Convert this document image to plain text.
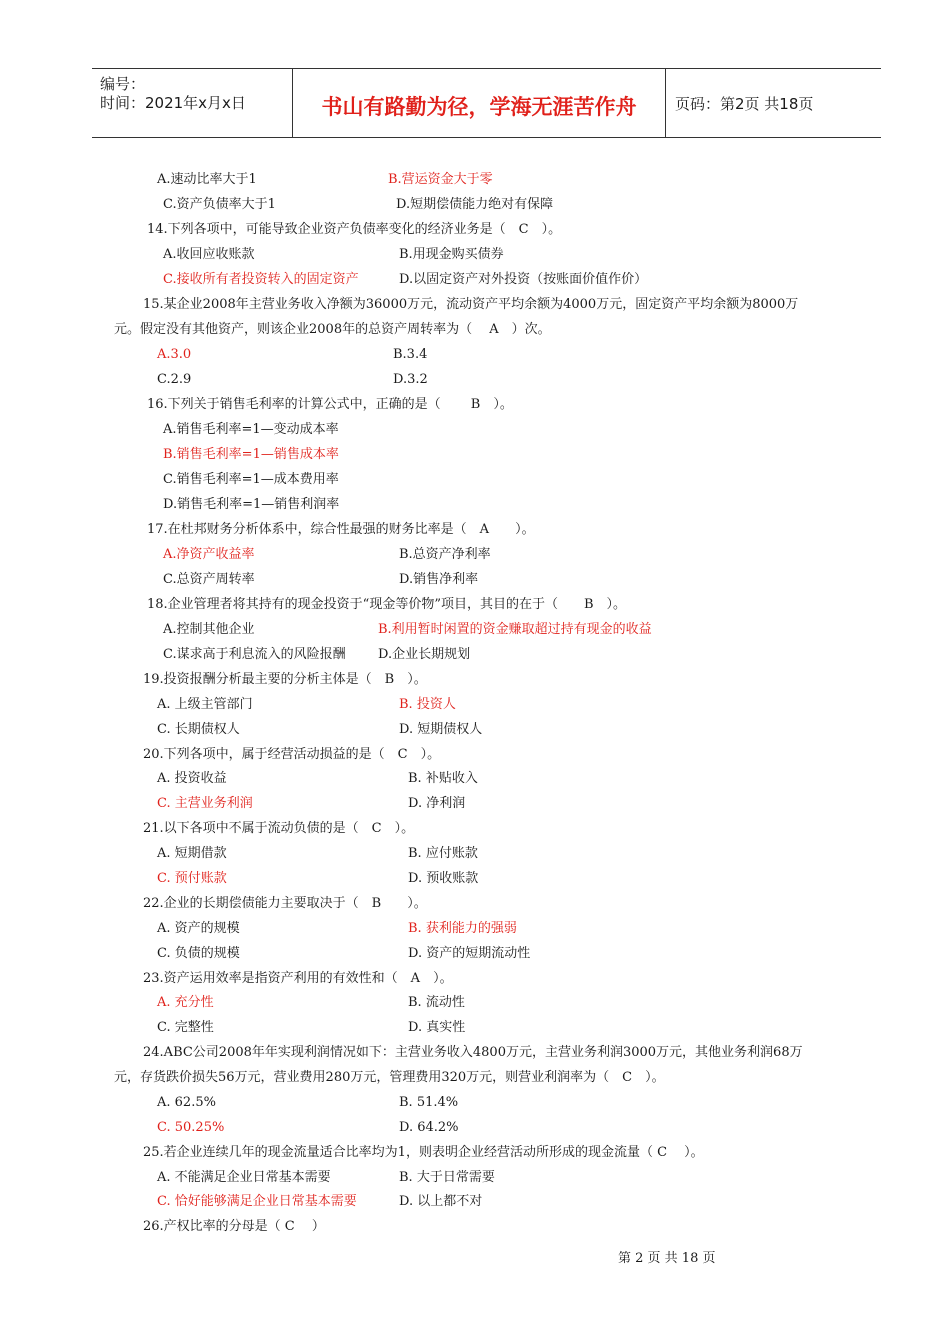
编号：
时间：2021年x月x日	书山有路勤为径，学海无涯苦作舟	页码：第2页 共18页
A.速动比率大于1	B.营运资金大于零
C.资产负债率大于1	D.短期偿债能力绝对有保障
14.下列各项中，可能导致企业资产负债率变化的经济业务是（　C　）。
A.收回应收账款	B.用现金购买债券
C.接收所有者投资转入的固定资产	D.以固定资产对外投资（按账面价值作价）
15.某企业2008年主营业务收入净额为36000万元，流动资产平均余额为4000万元，固定资产平均余额为8000万
元。假定没有其他资产，则该企业2008年的总资产周转率为（　 A　）次。
A.3.0	B.3.4
C.2.9	D.3.2
16.下列关于销售毛利率的计算公式中，正确的是（　 　B　）。
A.销售毛利率=1—变动成本率
B.销售毛利率=1—销售成本率
C.销售毛利率=1—成本费用率
D.销售毛利率=1—销售利润率
17.在杜邦财务分析体系中，综合性最强的财务比率是（　A　　）。
A.净资产收益率	B.总资产净利率
C.总资产周转率	D.销售净利率
18.企业管理者将其持有的现金投资于“现金等价物”项目，其目的在于（　　B　）。
A.控制其他企业	B.利用暂时闲置的资金赚取超过持有现金的收益
C.谋求高于利息流入的风险报酬 D.企业长期规划
19.投资报酬分析最主要的分析主体是（　B　）。
A. 上级主管部门	B. 投资人
C. 长期债权人	D. 短期债权人
20.下列各项中，属于经营活动损益的是（　C　）。
A. 投资收益	B. 补贴收入
C. 主营业务利润	D. 净利润
21.以下各项中不属于流动负债的是（　C　）。
A. 短期借款	B. 应付账款
C. 预付账款	D. 预收账款
22.企业的长期偿债能力主要取决于（　B　　）。
A. 资产的规模	B. 获利能力的强弱
C. 负债的规模	D. 资产的短期流动性
23.资产运用效率是指资产利用的有效性和（　A　）。
A. 充分性	B. 流动性
C. 完整性	D. 真实性
24.ABC公司2008年年实现利润情况如下：主营业务收入4800万元，主营业务利润3000万元，其他业务利润68万
元，存货跌价损失56万元，营业费用280万元，管理费用320万元，则营业利润率为（　C　）。
A. 62.5%	B. 51.4%
C. 50.25%	D. 64.2%
25.若企业连续几年的现金流量适合比率均为1，则表明企业经营活动所形成的现金流量（ C　 ）。
A. 不能满足企业日常基本需要	B. 大于日常需要
C. 恰好能够满足企业日常基本需要	D. 以上都不对
26.产权比率的分母是（ C　 ）
第 2 页 共 18 页
